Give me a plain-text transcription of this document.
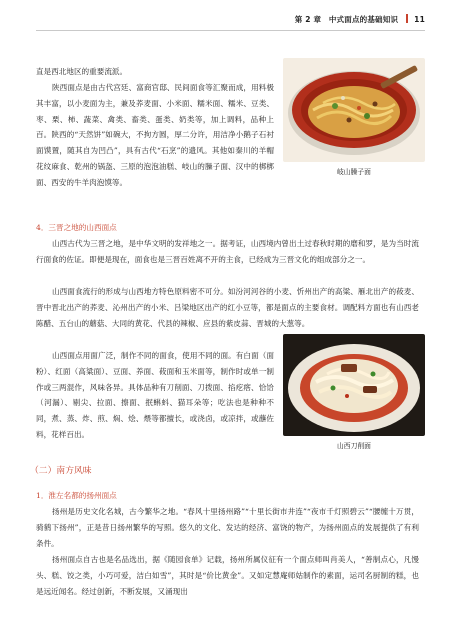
第 2 章　中式面点的基础知识 11
岐山臊子面

直是西北地区的重要流派。

陕西面点是由古代宫廷、富商官邸、民间面食等汇聚而成，用料极其丰富，以小麦面为主，兼及荞麦面、小米面、糯米面、糯米、豆类、枣、栗、柿、蔬菜、禽类、畜类、蛋类、奶类等，加上调料，品种上百。陕西的“天然饼”如碗大，不拘方圆，厚二分许，用洁净小鹅子石衬面馍置，随其自为凹凸”，具有古代“石烹”的遗风。其他如秦川的羊帽花纹麻食、乾州的锅盔、三原的泡泡油糕、岐山的臊子面、汉中的梆梆面、西安的牛羊肉泡馍等。

4．三晋之地的山西面点

山西古代为三晋之地，是中华文明的发祥地之一。据考证，山西境内曾出土过春秋时期的磨和罗，是为当时流行面食的佐证。即便是现在，面食也是三晋百姓离不开的主食，已经成为三晋文化的组成部分之一。

山西面食流行的形成与山西地方特色原料密不可分。如汾河河谷的小麦、忻州出产的高粱、雁北出产的莜麦、晋中晋北出产的荞麦、沁州出产的小米、吕梁地区出产的红小豆等，都是面点的主要食材。调配料方面也有山西老陈醋、五台山的蘑菇、大同的黄花、代县的辣椒、应县的紫皮蒜、晋城的大葱等。

山西刀削面

山西面点用面广泛，制作不同的面食，使用不同的面。有白面（面粉）、红面（高粱面）、豆面、养面、莜面和玉米面等，制作时或单一制作或三两混作，风味各异。具体品种有刀削面、刀拨面、掐疙瘩、恰饸（河漏）、剔尖、拉面、擦面、抿蝌蚪、猫耳朵等；吃法也是种种不同，煮、蒸、炸、煎、焖、烩、煨等都擅长，或浇卤，或凉拌，或蘸佐料，花样百出。

（二）南方风味

1．淮左名都的扬州面点

扬州是历史文化名城，古今繁华之地。“春风十里扬州路”“十里长街市井连”“夜市千灯照碧云”“腰缠十万贯，骑鹤下扬州”，正是昔日扬州繁华的写照。悠久的文化、发达的经济、富饶的物产，为扬州面点的发展提供了有利条件。

扬州面点自古也是名品选出，据《随园食单》记载，扬州所属仪征有一个面点师叫肖美人，“善制点心，凡馒头、糕、饺之类，小巧可爱，洁白如雪”，其时是“价比黄金”。又如定慧庵师姑制作的素面，运司名厨制的糕，也是远近闻名。经过创新，不断发展，又涌现出
